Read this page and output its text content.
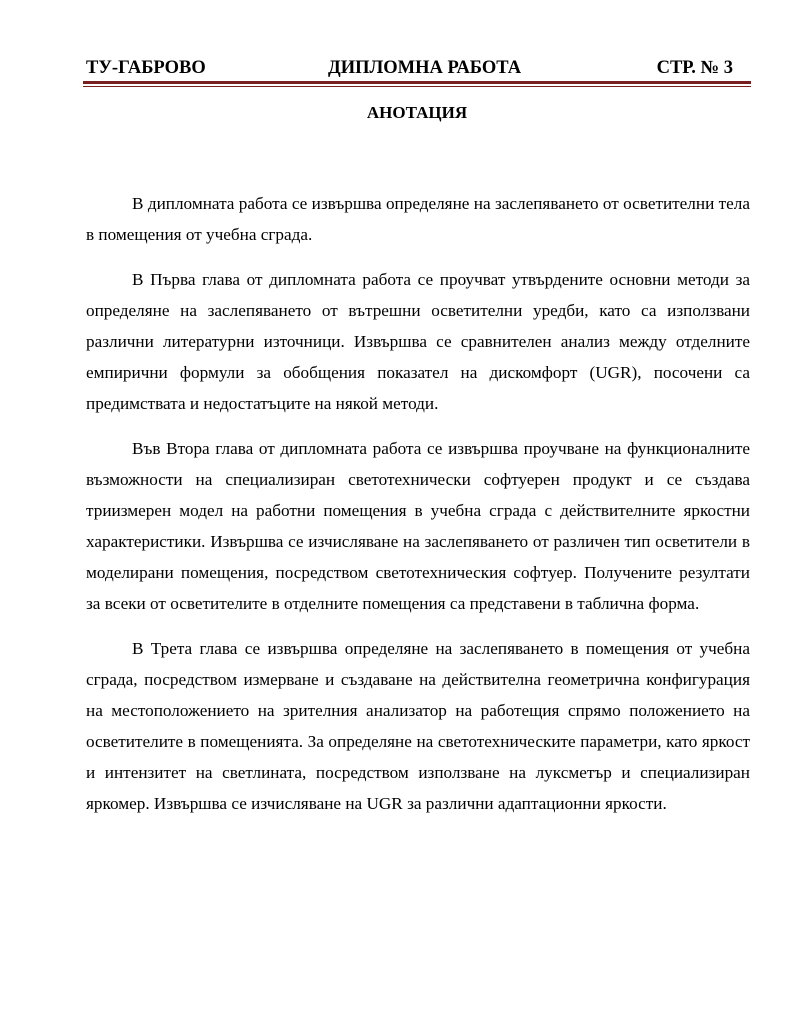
ТУ-ГАБРОВО	ДИПЛОМНА РАБОТА	СТР. № 3
АНОТАЦИЯ

В дипломната работа се извършва определяне на заслепяването от осветителни тела в помещения от учебна сграда.

В Първа глава от дипломната работа се проучват утвърдените основни методи за определяне на заслепяването от вътрешни осветителни уредби, като са използвани различни литературни източници. Извършва се сравнителен анализ между отделните емпирични формули за обобщения показател на дискомфорт (UGR), посочени са предимствата и недостатъците на някой методи.

Във Втора глава от дипломната работа се извършва проучване на функционалните възможности на специализиран светотехнически софтуерен продукт и се създава триизмерен модел на работни помещения в учебна сграда с действителните яркостни характеристики. Извършва се изчисляване на заслепяването от различен тип осветители в моделирани помещения, посредством светотехническия софтуер. Получените резултати за всеки от осветителите в отделните помещения са представени в таблична форма.

В Трета глава се извършва определяне на заслепяването в помещения от учебна сграда, посредством измерване и създаване на действителна геометрична конфигурация на местоположението на зрителния анализатор на работещия спрямо положението на осветителите в помещенията. За определяне на светотехническите параметри, като яркост и интензитет на светлината, посредством използване на луксметър и специализиран яркомер. Извършва се изчисляване на UGR за различни адаптационни яркости.
